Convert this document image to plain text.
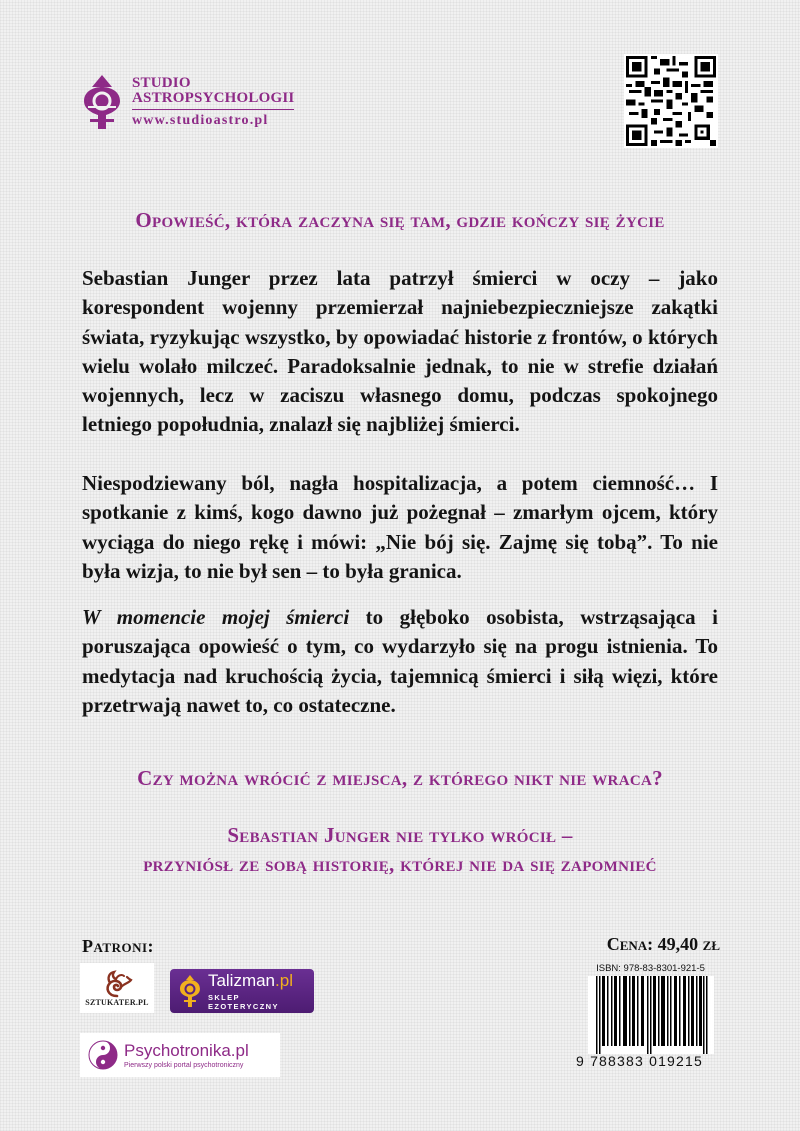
STUDIO
ASTROPSYCHOLOGII
www.studioastro.pl
Opowieść, która zaczyna się tam, gdzie kończy się życie

Sebastian Junger przez lata patrzył śmierci w oczy – jako korespondent wojenny przemierzał najniebezpieczniejsze zakątki świata, ryzykując wszystko, by opowiadać historie z frontów, o których wielu wolało milczeć. Paradoksalnie jednak, to nie w strefie działań wojennych, lecz w zaciszu własnego domu, podczas spokojnego letniego popołudnia, znalazł się najbliżej śmierci.

Niespodziewany ból, nagła hospitalizacja, a potem ciemność… I spotkanie z kimś, kogo dawno już pożegnał – zmarłym ojcem, który wyciąga do niego rękę i mówi: „Nie bój się. Zajmę się tobą”. To nie była wizja, to nie był sen – to była granica.

W momencie mojej śmierci to głęboko osobista, wstrząsająca i poruszająca opowieść o tym, co wydarzyło się na progu istnienia. To medytacja nad kruchością życia, tajemnicą śmierci i siłą więzi, które przetrwają nawet to, co ostateczne.

Czy można wrócić z miejsca, z którego nikt nie wraca?
Sebastian Junger nie tylko wrócił –
przyniósł ze sobą historię, której nie da się zapomnieć
Patroni:
SZTUKATER.PL
Talizman.pl
SKLEP EZOTERYCZNY
Psychotronika.pl
Pierwszy polski portal psychotroniczny
Cena: 49,40 zł
ISBN: 978-83-8301-921-5
9 788383 019215
